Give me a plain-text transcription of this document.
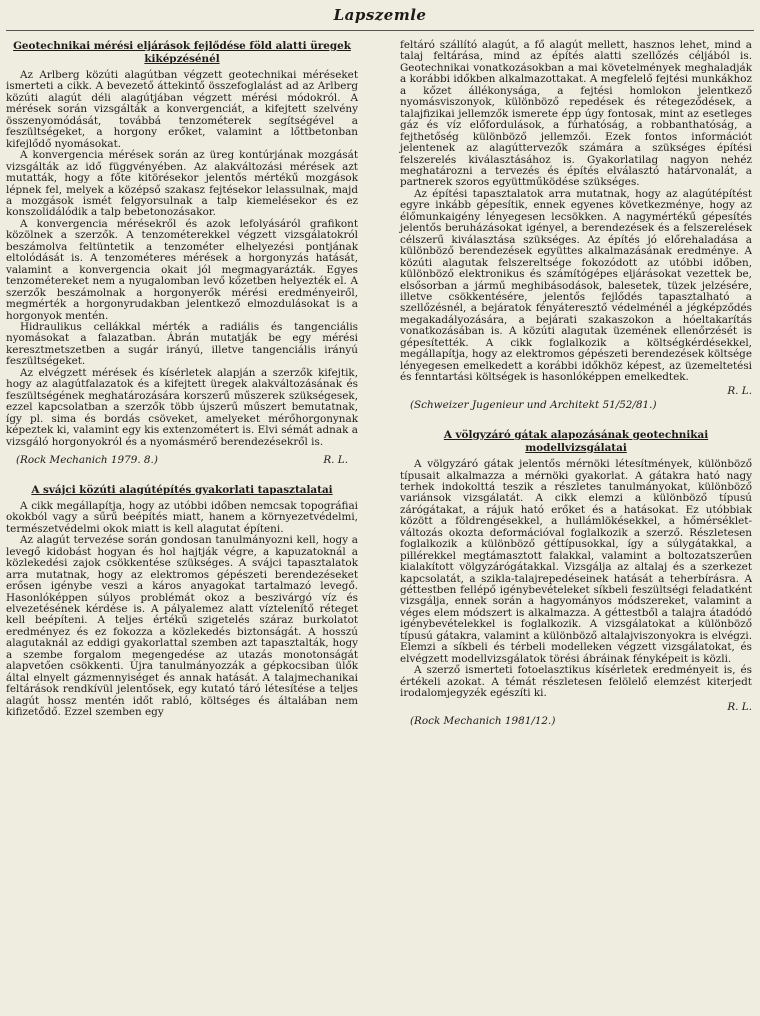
Lapszemle
Geotechnikai mérési eljárások fejlődése föld alatti üregek kiképzésénél

Az Arlberg közúti alagútban végzett geotechnikai méréseket ismerteti a cikk. A bevezető áttekintő összefoglalást ad az Arlberg közúti alagút déli alagútjában végzett mérési módokról. A mérések során vizsgálták a konvergenciát, a kifejtett szelvény összenyomódását, továbbá tenzométerek segítségével a feszültségeket, a horgony erőket, valamint a lőttbetonban kifejlődő nyomásokat.

A konvergencia mérések során az üreg kontúrjának mozgását vizsgálták az idő függvényében. Az alakváltozási mérések azt mutatták, hogy a főte kitörésekor jelentős mértékű mozgások lépnek fel, melyek a középső szakasz fejtésekor lelassulnak, majd a mozgások ismét felgyorsulnak a talp kiemelésekor és ez konszolidálódik a talp bebetonozásakor.

A konvergencia mérésekről és azok lefolyásáról grafikont közölnek a szerzők. A tenzométerekkel végzett vizsgálatokról beszámolva feltüntetik a tenzométer elhelyezési pontjának eltolódását is. A tenzométeres mérések a horgonyzás hatását, valamint a konvergencia okait jól megmagyarázták. Egyes tenzométereket nem a nyugalomban levő kőzetben helyezték el. A szerzők beszámolnak a horgonyerők mérési eredményeiről, megmérték a horgonyrudakban jelentkező elmozdulásokat is a horgonyok mentén.

Hidraulikus cellákkal mérték a radiális és tangenciális nyomásokat a falazatban. Ábrán mutatják be egy mérési keresztmetszetben a sugár irányú, illetve tangenciális irányú feszültségeket.

Az elvégzett mérések és kísérletek alapján a szerzők kifejtik, hogy az alagútfalazatok és a kifejtett üregek alakváltozásának és feszültségének meghatározására korszerű műszerek szükségesek, ezzel kapcsolatban a szerzők több újszerű műszert bemutatnak, így pl. sima és bordás csöveket, amelyeket mérőhorgonynak képeztek ki, valamint egy kis extenzométert is. Elvi sémát adnak a vizsgáló horgonyokról és a nyomásmérő berendezésekről is.

(Rock Mechanich 1979. 8.)	R. L.
A svájci közúti alagútépítés gyakorlati tapasztalatai

A cikk megállapítja, hogy az utóbbi időben nemcsak topográfiai okokból vagy a sűrű beépítés miatt, hanem a környezetvédelmi, természetvédelmi okok miatt is kell alagutat építeni.

Az alagút tervezése során gondosan tanulmányozni kell, hogy a levegő kidobást hogyan és hol hajtják végre, a kapuzatoknál a közlekedési zajok csökkentése szükséges. A svájci tapasztalatok arra mutatnak, hogy az elektromos gépészeti berendezéseket erősen igénybe veszi a káros anyagokat tartalmazó levegő. Hasonlóképpen súlyos problémát okoz a beszivárgó víz és elvezetésének kérdése is. A pályalemez alatt víztelenítő réteget kell beépíteni. A teljes értékű szigetelés száraz burkolatot eredményez és ez fokozza a közlekedés biztonságát. A hosszú alagutaknál az eddigi gyakorlattal szemben azt tapasztalták, hogy a szembe forgalom megengedése az utazás monotonságát alapvetően csökkenti. Újra tanulmányozzák a gépkocsiban ülők által elnyelt gázmennyiséget és annak hatását. A talajmechanikai feltárások rendkívül jelentősek, egy kutató táró létesítése a teljes alagút hossz mentén időt rabló, költséges és általában nem kifizetődő. Ezzel szemben egy

feltáró szállító alagút, a fő alagút mellett, hasznos lehet, mind a talaj feltárása, mind az építés alatti szellőzés céljából is. Geotechnikai vonatkozásokban a mai követelmények meghaladják a korábbi időkben alkalmazottakat. A megfelelő fejtési munkákhoz a kőzet állékonysága, a fejtési homlokon jelentkező nyomásviszonyok, különböző repedések és rétegeződések, a talajfizikai jellemzők ismerete épp úgy fontosak, mint az esetleges gáz és víz előfordulások, a fúrhatóság, a robbanthatóság, a fejthetőség különböző jellemzői. Ezek fontos információt jelentenek az alagúttervezők számára a szükséges építési felszerelés kiválasztásához is. Gyakorlatilag nagyon nehéz meghatározni a tervezés és építés elválasztó határvonalát, a partnerek szoros együttműködése szükséges.

Az építési tapasztalatok arra mutatnak, hogy az alagútépítést egyre inkább gépesítik, ennek egyenes következménye, hogy az élőmunkaigény lényegesen lecsökken. A nagymértékű gépesítés jelentős beruházásokat igényel, a berendezések és a felszerelések célszerű kiválasztása szükséges. Az építés jó előrehaladása a különböző berendezések együttes alkalmazásának eredménye. A közúti alagutak felszereltsége fokozódott az utóbbi időben, különböző elektronikus és számítógépes eljárásokat vezettek be, elsősorban a jármű meghibásodások, balesetek, tüzek jelzésére, illetve csökkentésére, jelentős fejlődés tapasztalható a szellőzésnél, a bejáratok fényáteresztő védelménél a jégképződés megakadályozására, a bejárati szakaszokon a hóeltakarítás vonatkozásában is. A közúti alagutak üzemének ellenőrzését is gépesítették. A cikk foglalkozik a költségkérdésekkel, megállapítja, hogy az elektromos gépészeti berendezések költsége lényegesen emelkedett a korábbi időkhöz képest, az üzemeltetési és fenntartási költségek is hasonlóképpen emelkedtek.

R. L.
(Schweizer Jugenieur und Architekt 51/52/81.)
A völgyzáró gátak alapozásának geotechnikai modellvizsgálatai

A völgyzáró gátak jelentős mérnöki létesítmények, különböző típusait alkalmazza a mérnöki gyakorlat. A gátakra ható nagy terhek indokolttá teszik a részletes tanulmányokat, különböző variánsok vizsgálatát. A cikk elemzi a különböző típusú zárógátakat, a rájuk ható erőket és a hatásokat. Ez utóbbiak között a földrengésekkel, a hullámlökésekkel, a hőmérséklet-változás okozta deformációval foglalkozik a szerző. Részletesen foglalkozik a különböző géttípusokkal, így a súlygátakkal, a pillérekkel megtámasztott falakkal, valamint a boltozatszerűen kialakított völgyzárógátakkal. Vizsgálja az altalaj és a szerkezet kapcsolatát, a szikla-talajrepedéseinek hatását a teherbírásra. A géttestben fellépő igénybevételeket síkbeli feszültségi feladatként vizsgálja, ennek során a hagyományos módszereket, valamint a véges elem módszert is alkalmazza. A géttestből a talajra átadódó igénybevételekkel is foglalkozik. A vizsgálatokat a különböző típusú gátakra, valamint a különböző altalajviszonyokra is elvégzi. Elemzi a síkbeli és térbeli modelleken végzett vizsgálatokat, és elvégzett modellvizsgálatok törési ábráinak fényképeit is közli.

A szerző ismerteti fotoelasztikus kísérletek eredményeit is, és értékeli azokat. A témát részletesen felölelő elemzést kiterjedt irodalomjegyzék egészíti ki.

R. L.
(Rock Mechanich 1981/12.)
